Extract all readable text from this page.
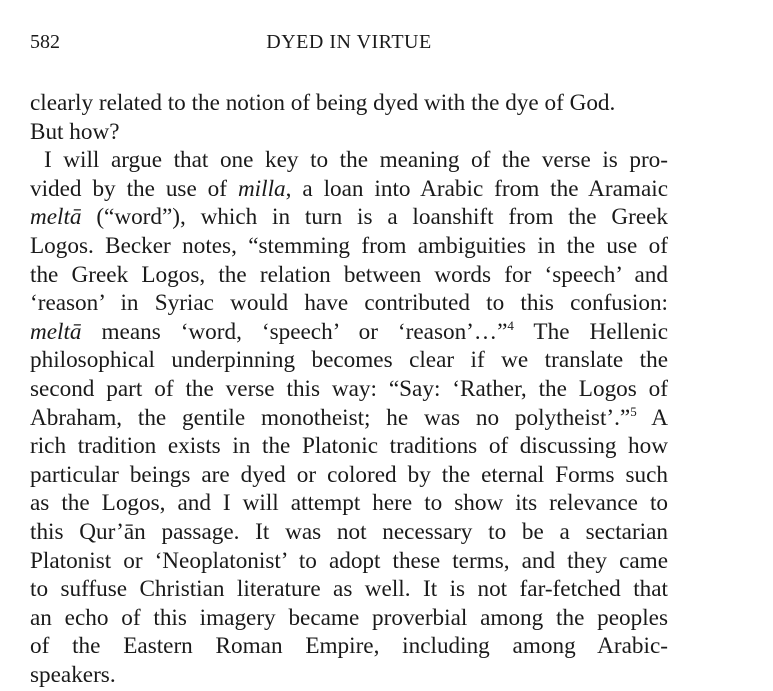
582	DYED IN VIRTUE
clearly related to the notion of being dyed with the dye of God.
But how?
I will argue that one key to the meaning of the verse is pro-
vided by the use of milla, a loan into Arabic from the Aramaic
meltā (“word”), which in turn is a loanshift from the Greek
Logos. Becker notes, “stemming from ambiguities in the use of
the Greek Logos, the relation between words for ‘speech’ and
‘reason’ in Syriac would have contributed to this confusion:
meltā means ‘word, ‘speech’ or ‘reason’…”$^4$ The Hellenic
philosophical underpinning becomes clear if we translate the
second part of the verse this way: “Say: ‘Rather, the Logos of
Abraham, the gentile monotheist; he was no polytheist’.”$^5$ A
rich tradition exists in the Platonic traditions of discussing how
particular beings are dyed or colored by the eternal Forms such
as the Logos, and I will attempt here to show its relevance to
this Qur’ān passage. It was not necessary to be a sectarian
Platonist or ‘Neoplatonist’ to adopt these terms, and they came
to suffuse Christian literature as well. It is not far-fetched that
an echo of this imagery became proverbial among the peoples
of the Eastern Roman Empire, including among Arabic-
speakers.
